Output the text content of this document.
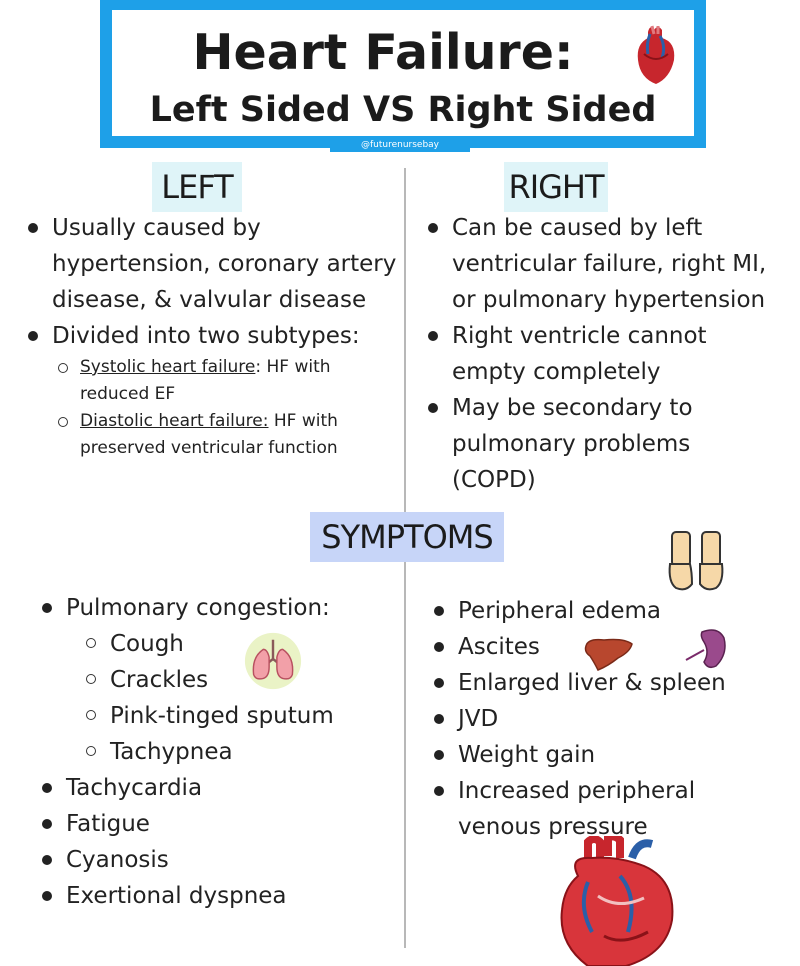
Heart Failure:
Left Sided VS Right Sided
@futurenursebay
LEFT	RIGHT
Usually caused by hypertension, coronary artery disease, & valvular disease
Divided into two subtypes:
Systolic heart failure: HF with reduced EF
Diastolic heart failure: HF with preserved ventricular function
Can be caused by left
ventricular failure, right MI,
or pulmonary hypertension
Right ventricle cannot
empty completely
May be secondary to
pulmonary problems
(COPD)
SYMPTOMS
Pulmonary congestion:
Cough
Crackles
Pink-tinged sputum
Tachypnea
Tachycardia
Fatigue
Cyanosis
Exertional dyspnea
Peripheral edema
Ascites
Enlarged liver & spleen
JVD
Weight gain
Increased peripheral
venous pressure
